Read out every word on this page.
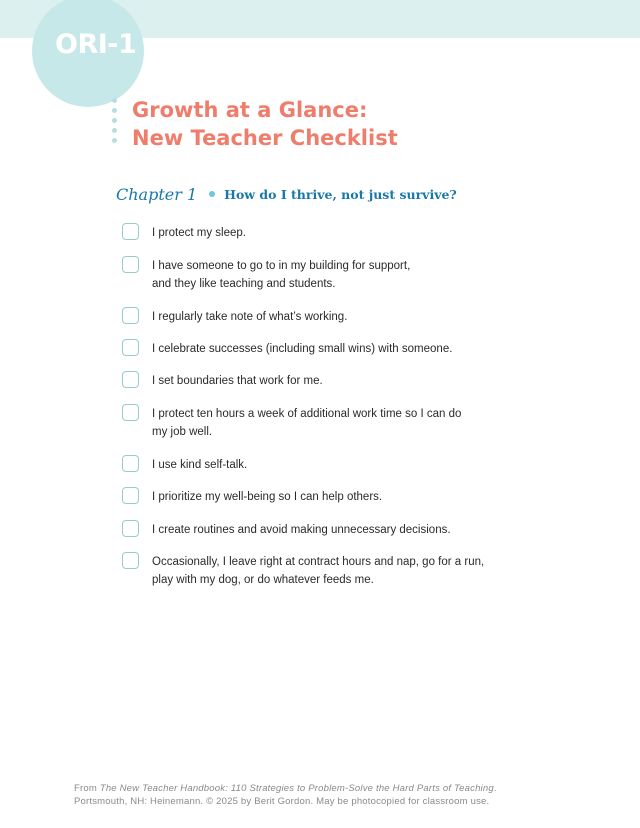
ORI-1
Growth at a Glance:
New Teacher Checklist
Chapter 1 How do I thrive, not just survive?
I protect my sleep.
I have someone to go to in my building for support,
and they like teaching and students.
I regularly take note of what’s working.
I celebrate successes (including small wins) with someone.
I set boundaries that work for me.
I protect ten hours a week of additional work time so I can do
my job well.
I use kind self-talk.
I prioritize my well-being so I can help others.
I create routines and avoid making unnecessary decisions.
Occasionally, I leave right at contract hours and nap, go for a run,
play with my dog, or do whatever feeds me.
From The New Teacher Handbook: 110 Strategies to Problem-Solve the Hard Parts of Teaching.
Portsmouth, NH: Heinemann. © 2025 by Berit Gordon. May be photocopied for classroom use.
